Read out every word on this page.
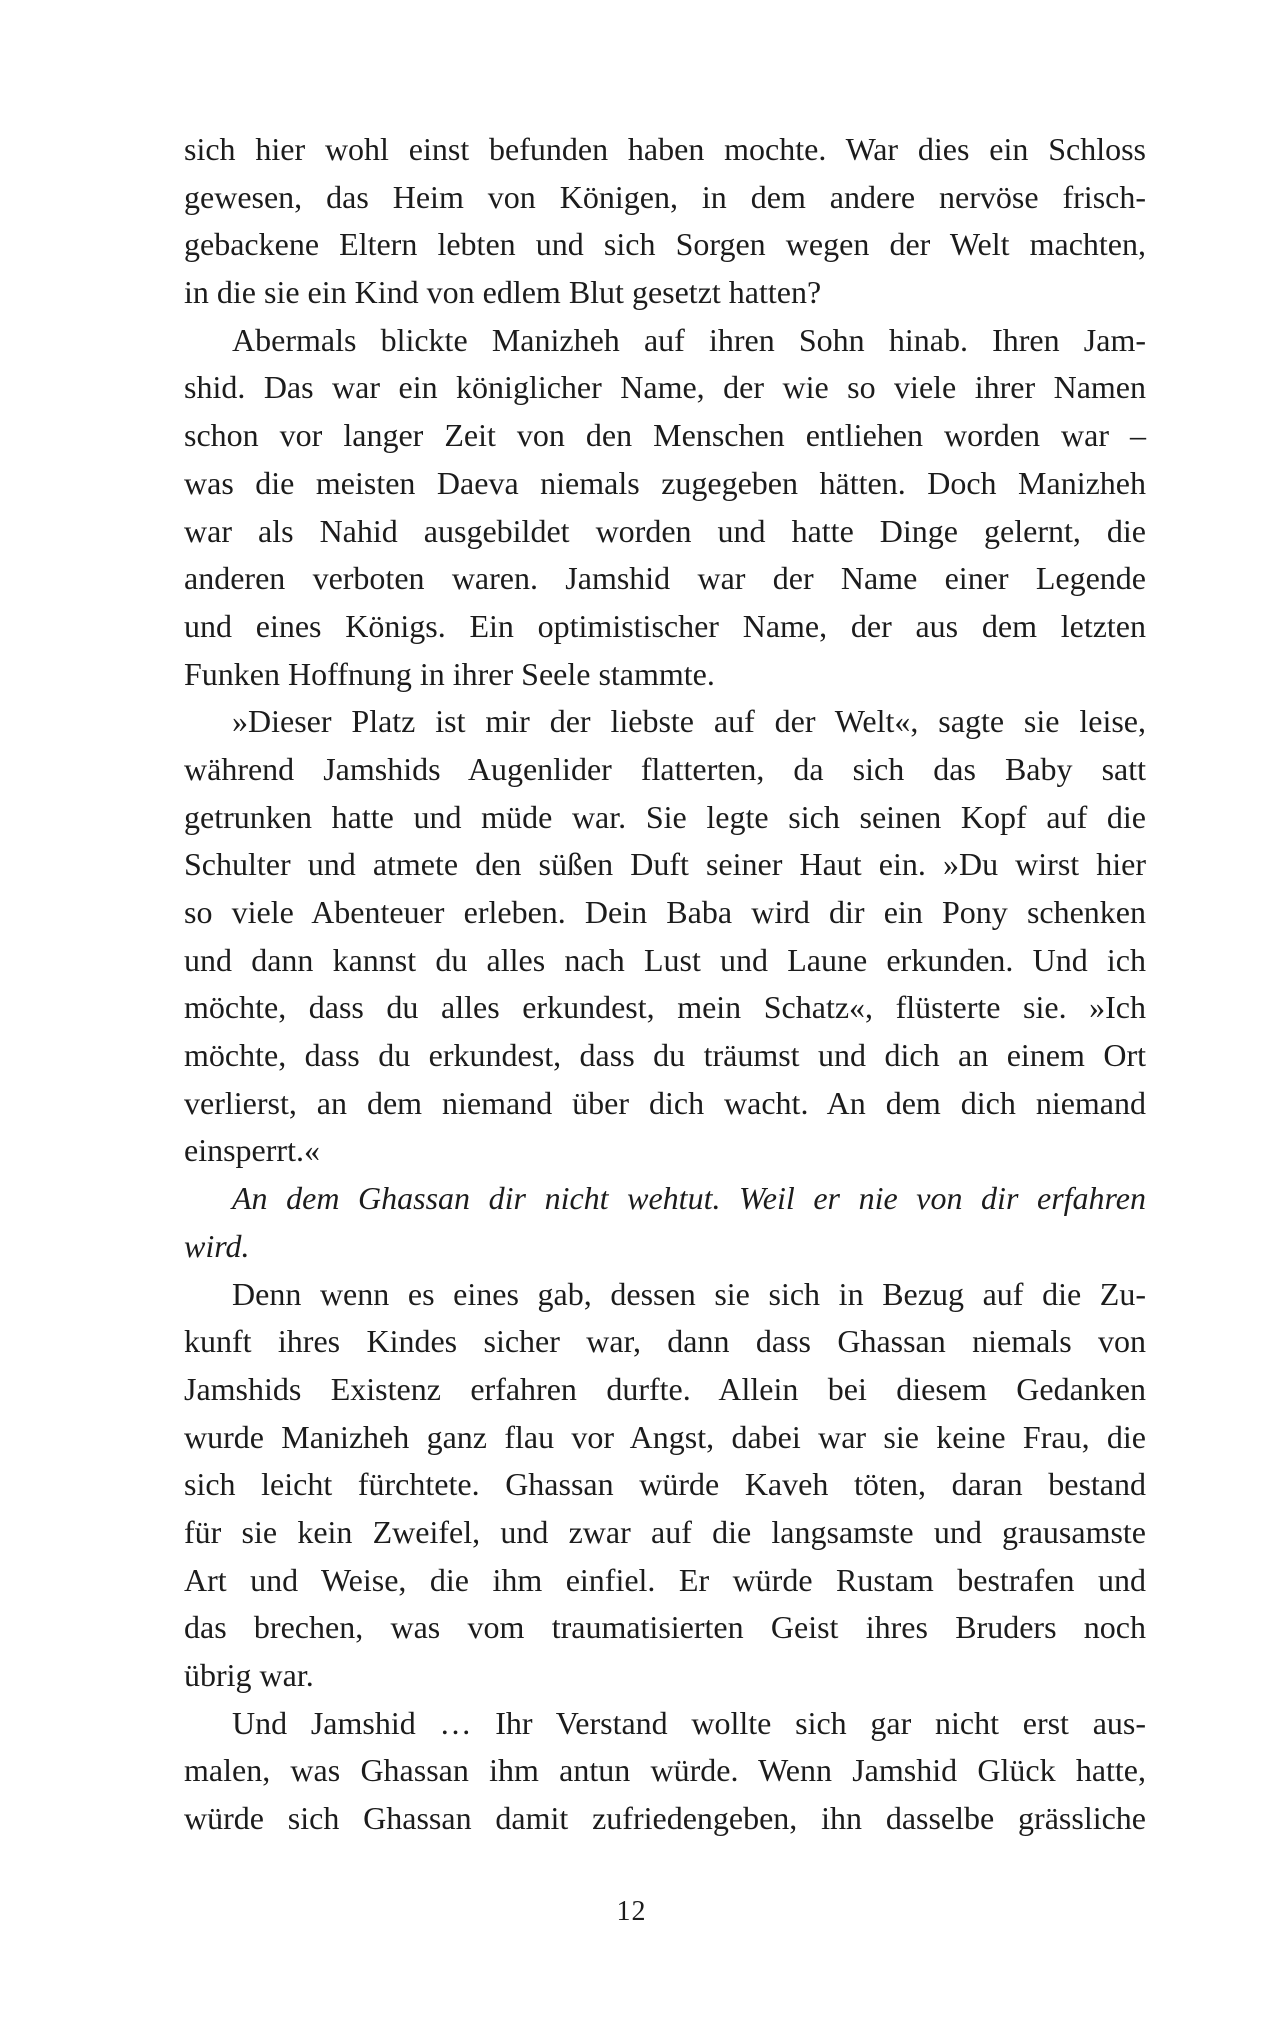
sich hier wohl einst befunden haben mochte. War dies ein Schloss
gewesen, das Heim von Königen, in dem andere nervöse frisch-
gebackene Eltern lebten und sich Sorgen wegen der Welt machten,
in die sie ein Kind von edlem Blut gesetzt hatten?
Abermals blickte Manizheh auf ihren Sohn hinab. Ihren Jam-
shid. Das war ein königlicher Name, der wie so viele ihrer Namen
schon vor langer Zeit von den Menschen entliehen worden war –
was die meisten Daeva niemals zugegeben hätten. Doch Manizheh
war als Nahid ausgebildet worden und hatte Dinge gelernt, die
anderen verboten waren. Jamshid war der Name einer Legende
und eines Königs. Ein optimistischer Name, der aus dem letzten
Funken Hoffnung in ihrer Seele stammte.
»Dieser Platz ist mir der liebste auf der Welt«, sagte sie leise,
während Jamshids Augenlider flatterten, da sich das Baby satt
getrunken hatte und müde war. Sie legte sich seinen Kopf auf die
Schulter und atmete den süßen Duft seiner Haut ein. »Du wirst hier
so viele Abenteuer erleben. Dein Baba wird dir ein Pony schenken
und dann kannst du alles nach Lust und Laune erkunden. Und ich
möchte, dass du alles erkundest, mein Schatz«, flüsterte sie. »Ich
möchte, dass du erkundest, dass du träumst und dich an einem Ort
verlierst, an dem niemand über dich wacht. An dem dich niemand
einsperrt.«
An dem Ghassan dir nicht wehtut. Weil er nie von dir erfahren
wird.
Denn wenn es eines gab, dessen sie sich in Bezug auf die Zu-
kunft ihres Kindes sicher war, dann dass Ghassan niemals von
Jamshids Existenz erfahren durfte. Allein bei diesem Gedanken
wurde Manizheh ganz flau vor Angst, dabei war sie keine Frau, die
sich leicht fürchtete. Ghassan würde Kaveh töten, daran bestand
für sie kein Zweifel, und zwar auf die langsamste und grausamste
Art und Weise, die ihm einfiel. Er würde Rustam bestrafen und
das brechen, was vom traumatisierten Geist ihres Bruders noch
übrig war.
Und Jamshid … Ihr Verstand wollte sich gar nicht erst aus-
malen, was Ghassan ihm antun würde. Wenn Jamshid Glück hatte,
würde sich Ghassan damit zufriedengeben, ihn dasselbe grässliche
12
